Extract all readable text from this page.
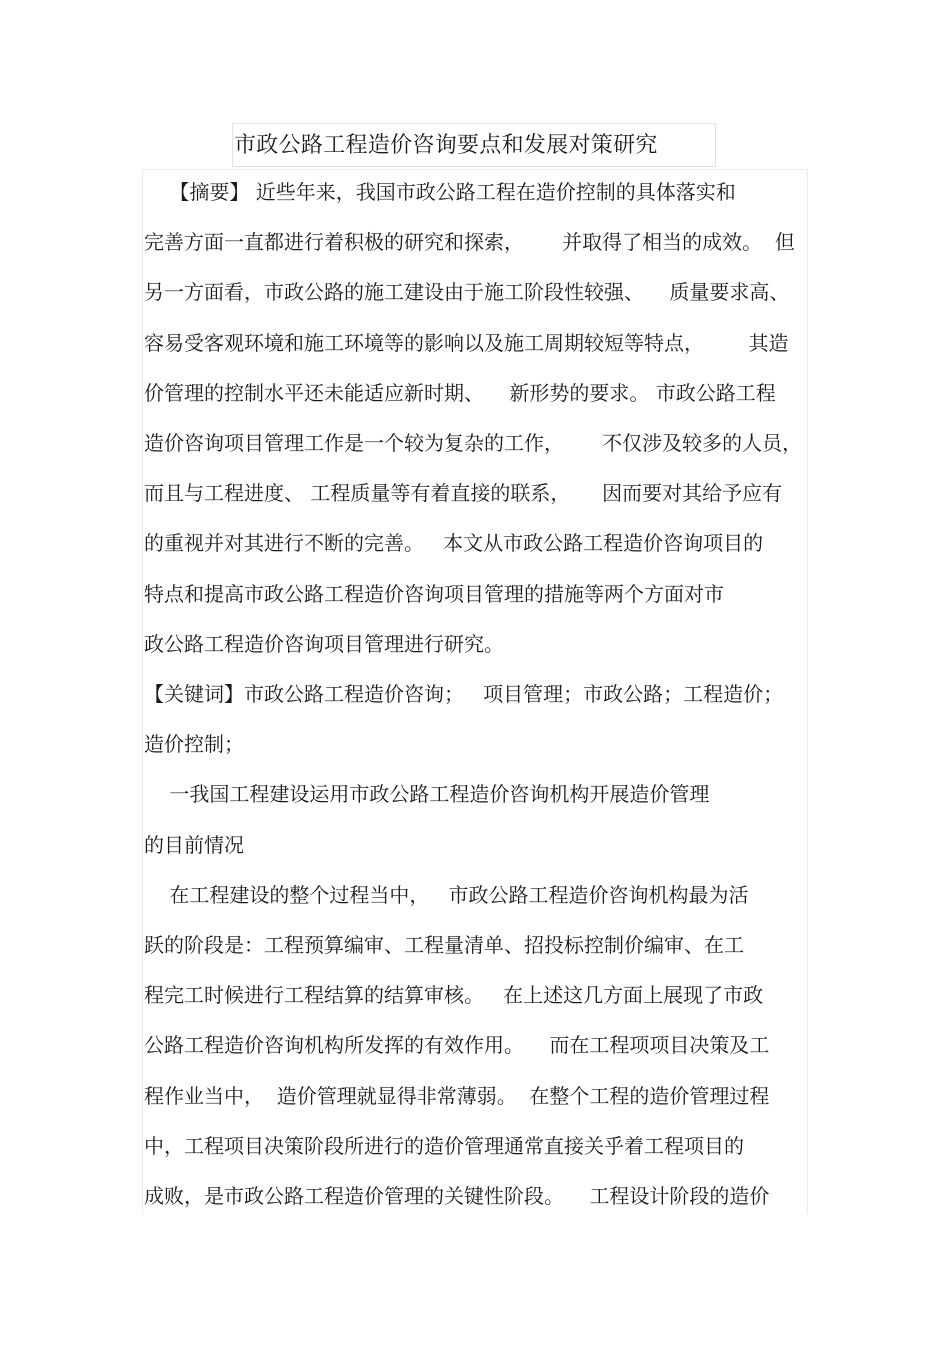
市政公路工程造价咨询要点和发展对策研究
【摘要】 近些年来，我国市政公路工程在造价控制的具体落实和
完善方面一直都进行着积极的研究和探索，      并取得了相当的成效。  但
另一方面看，市政公路的施工建设由于施工阶段性较强、    质量要求高、
容易受客观环境和施工环境等的影响以及施工周期较短等特点，       其造
价管理的控制水平还未能适应新时期、    新形势的要求。 市政公路工程
造价咨询项目管理工作是一个较为复杂的工作，      不仅涉及较多的人员，
而且与工程进度、 工程质量等有着直接的联系，     因而要对其给予应有
的重视并对其进行不断的完善。   本文从市政公路工程造价咨询项目的
特点和提高市政公路工程造价咨询项目管理的措施等两个方面对市
政公路工程造价咨询项目管理进行研究。
【关键词】市政公路工程造价咨询；   项目管理；市政公路；工程造价；
造价控制；
一我国工程建设运用市政公路工程造价咨询机构开展造价管理
的目前情况
在工程建设的整个过程当中，   市政公路工程造价咨询机构最为活
跃的阶段是：工程预算编审、工程量清单、招投标控制价编审、在工
程完工时候进行工程结算的结算审核。   在上述这几方面上展现了市政
公路工程造价咨询机构所发挥的有效作用。    而在工程项项目决策及工
程作业当中，  造价管理就显得非常薄弱。  在整个工程的造价管理过程
中，工程项目决策阶段所进行的造价管理通常直接关乎着工程项目的
成败，是市政公路工程造价管理的关键性阶段。    工程设计阶段的造价
